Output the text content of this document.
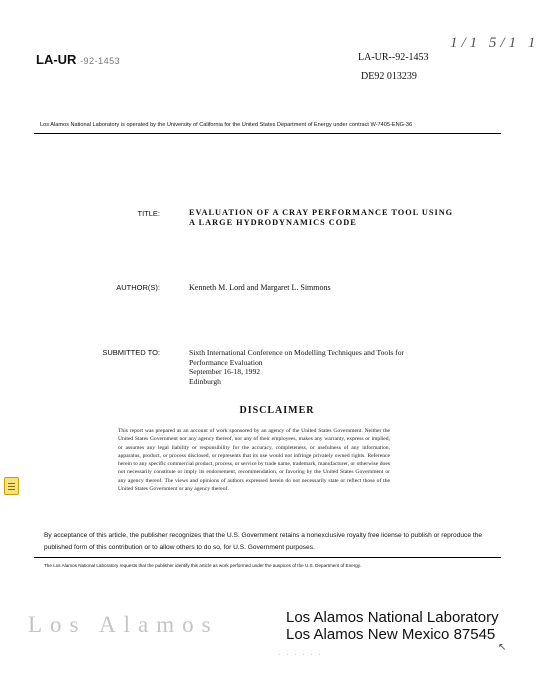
LA-UR -92-1453	LA-UR--92-1453
DE92 013239
1/1 5/1 1
Los Alamos National Laboratory is operated by the University of California for the United States Department of Energy under contract W-7405-ENG-36
TITLE:	EVALUATION OF A CRAY PERFORMANCE TOOL USING
A LARGE HYDRODYNAMICS CODE
AUTHOR(S):	Kenneth M. Lord and Margaret L. Simmons
SUBMITTED TO:	Sixth International Conference on Modelling Techniques and Tools for
Performance Evaluation
September 16-18, 1992
Edinburgh
DISCLAIMER
This report was prepared as an account of work sponsored by an agency of the United States Government. Neither the United States Government nor any agency thereof, nor any of their employees, makes any warranty, express or implied, or assumes any legal liability or responsibility for the accuracy, completeness, or usefulness of any information, apparatus, product, or process disclosed, or represents that its use would not infringe privately owned rights. Reference herein to any specific commercial product, process, or service by trade name, trademark, manufacturer, or otherwise does not necessarily constitute or imply its endorsement, recommendation, or favoring by the United States Government or any agency thereof. The views and opinions of authors expressed herein do not necessarily state or reflect those of the United States Government or any agency thereof.
By acceptance of this article, the publisher recognizes that the U.S. Government retains a nonexclusive royalty free license to publish or reproduce the published form of this contribution or to allow others to do so, for U.S. Government purposes.
The Los Alamos National Laboratory requests that the publisher identify this article as work performed under the auspices of the U.S. Department of Energy.
Los Alamos	Los Alamos National Laboratory
Los Alamos New Mexico 87545
· · · · · ·
↖
